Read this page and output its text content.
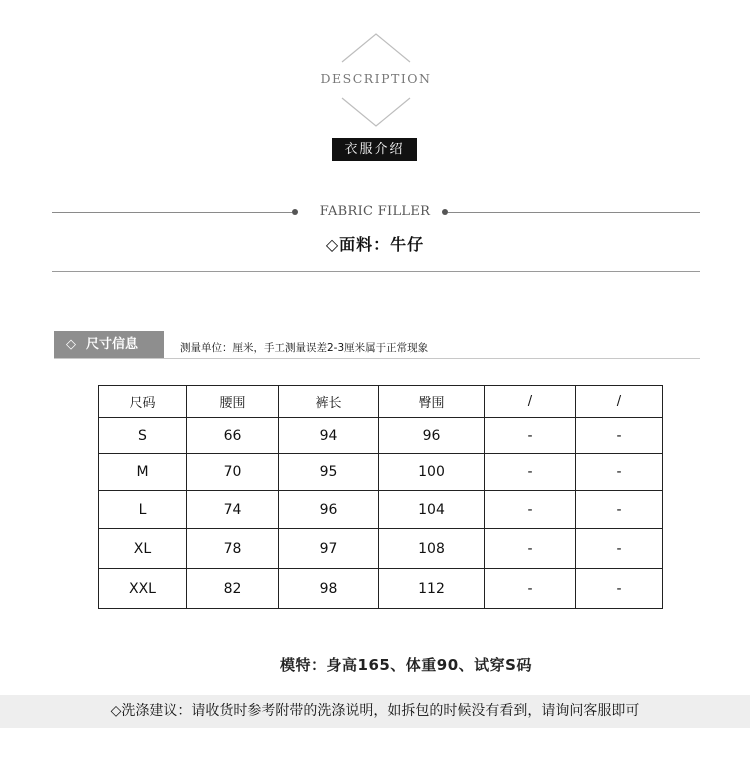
DESCRIPTION
衣服介绍
FABRIC FILLER
◇面料：牛仔
◇ 尺寸信息	测量单位：厘米，手工测量误差2-3厘米属于正常现象
尺码	腰围	裤长	臀围	/	/
S	66	94	96	-	-
M	70	95	100	-	-
L	74	96	104	-	-
XL	78	97	108	-	-
XXL	82	98	112	-	-
模特：身高165、体重90、试穿S码
◇洗涤建议：请收货时参考附带的洗涤说明，如拆包的时候没有看到，请询问客服即可
